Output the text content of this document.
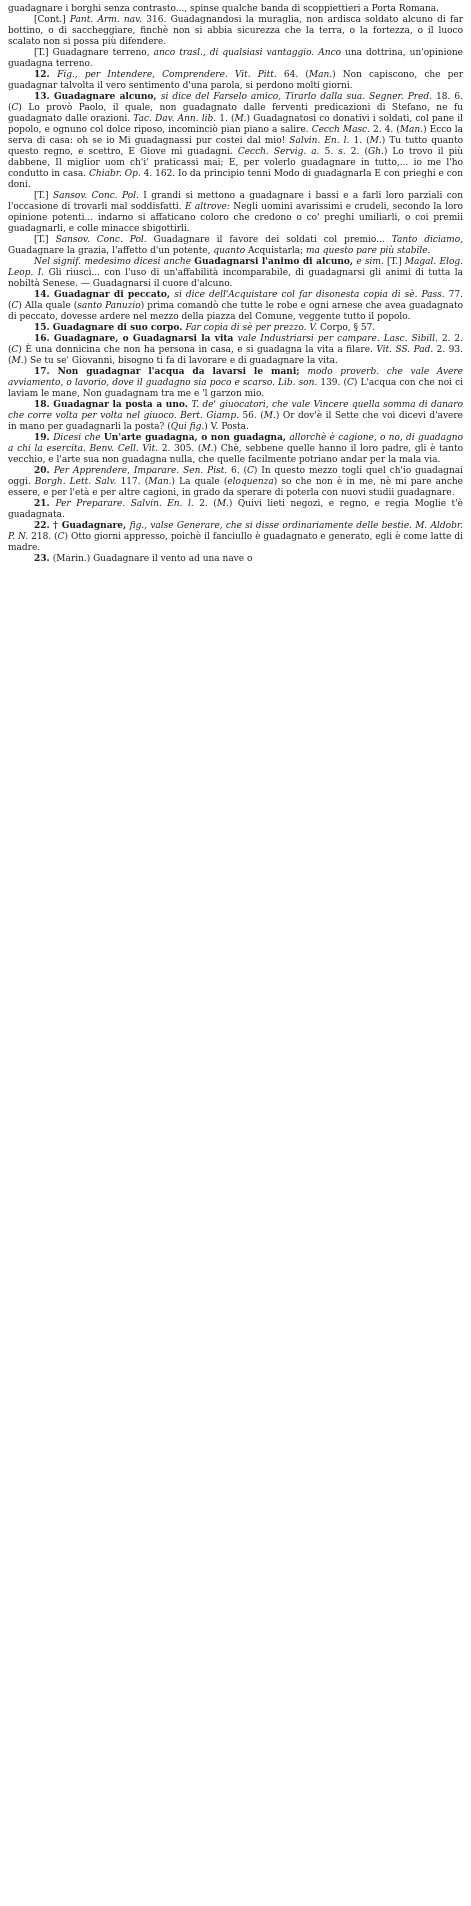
guadagnare i borghi senza contrasto..., spinse qualche banda di scoppiettieri a Porta Romana.

[Cont.] Pant. Arm. nav. 316. Guadagnandosi la muraglia, non ardisca soldato alcuno di far bottino, o di saccheggiare, finchè non si abbia sicurezza che la terra, o la fortezza, o il luoco scalato non si possa più difendere.

[T.] Guadagnare terreno, anco trasl., di qualsiasi vantaggio. Anco una dottrina, un'opinione guadagna terreno.

12. Fig., per Intendere, Comprendere. Vit. Pitt. 64. (Man.) Non capiscono, che per guadagnar talvolta il vero sentimento d'una parola, si perdono molti giorni.

13. Guadagnare alcuno, si dice del Farselo amico, Tirarlo dalla sua. Segner. Pred. 18. 6. (C) Lo provò Paolo, il quale, non guadagnato dalle ferventi predicazioni di Stefano, ne fu guadagnato dalle orazioni. Tac. Dav. Ann. lib. 1. (M.) Guadagnatosi co donativi i soldati, col pane il popolo, e ognuno col dolce riposo, incominciò pian piano a salire. Cecch Masc. 2. 4. (Man.) Ecco la serva di casa: oh se io Mi guadagnassi pur costei dal mio! Salvin. En. l. 1. (M.) Tu tutto quanto questo regno, e scettro, E Giove mi guadagni. Cecch. Servig. a. 5. s. 2. (Gh.) Lo trovo il più dabbene, Il miglior uom ch'i' praticassi mai; E, per volerlo guadagnare in tutto,... io me l'ho condutto in casa. Chiabr. Op. 4. 162. Io da principio tenni Modo di guadagnarla E con prieghi e con doni.

[T.] Sansov. Conc. Pol. I grandi si mettono a guadagnare i bassi e a farli loro parziali con l'occasione di trovarli mal soddisfatti. E altrove: Negli uomini avarissimi e crudeli, secondo la loro opinione potenti... indarno si affaticano coloro che credono o co' preghi umiliarli, o coi premii guadagnarli, e colle minacce sbigottirli.

[T.] Sansov. Conc. Pol. Guadagnare il favore dei soldati col premio... Tanto diciamo, Guadagnare la grazia, l'affetto d'un potente, quanto Acquistarla; ma questo pare più stabile.

Nel signif. medesimo dicesi anche Guadagnarsi l'animo di alcuno, e sim. [T.] Magal. Elog. Leop. I. Gli riuscì... con l'uso di un'affabilità incomparabile, di guadagnarsi gli animi di tutta la nobiltà Senese. — Guadagnarsi il cuore d'alcuno.

14. Guadagnar di peccato, si dice dell'Acquistare col far disonesta copia di sè. Pass. 77. (C) Alla quale (santo Panuzio) prima comandò che tutte le robe e ogni arnese che avea guadagnato di peccato, dovesse ardere nel mezzo della piazza del Comune, veggente tutto il popolo.

15. Guadagnare di suo corpo. Far copia di sè per prezzo. V. Corpo, § 57.

16. Guadagnare, o Guadagnarsi la vita vale Industriarsi per campare. Lasc. Sibill. 2. 2. (C) È una donnicina che non ha persona in casa, e si guadagna la vita a filare. Vit. SS. Pad. 2. 93. (M.) Se tu se' Giovanni, bisogno ti fa di lavorare e di guadagnare la vita.

17. Non guadagnar l'acqua da lavarsi le mani; modo proverb. che vale Avere avviamento, o lavorio, dove il guadagno sia poco e scarso. Lib. son. 139. (C) L'acqua con che noi ci laviam le mane, Non guadagnam tra me e 'l garzon mio.

18. Guadagnar la posta a uno. T. de' giuocatori, che vale Vincere quella somma di danaro che corre volta per volta nel giuoco. Bert. Giamp. 56. (M.) Or dov'è il Sette che voi dicevi d'avere in mano per guadagnarli la posta? (Qui fig.) V. Posta.

19. Dicesi che Un'arte guadagna, o non guadagna, allorchè è cagione, o no, di guadagno a chi la esercita. Benv. Cell. Vit. 2. 305. (M.) Chè, sebbene quelle hanno il loro padre, gli è tanto vecchio, e l'arte sua non guadagna nulla, che quelle facilmente potriano andar per la mala via.

20. Per Apprendere, Imparare. Sen. Pist. 6. (C) In questo mezzo togli quel ch'io guadagnai oggi. Borgh. Lett. Salv. 117. (Man.) La quale (eloquenza) so che non è in me, nè mi pare anche essere, e per l'età e per altre cagioni, in grado da sperare di poterla con nuovi studii guadagnare.

21. Per Preparare. Salvin. En. l. 2. (M.) Quivi lieti negozi, e regno, e regia Moglie t'è guadagnata.

22. † Guadagnare, fig., valse Generare, che si disse ordinariamente delle bestie. M. Aldobr. P. N. 218. (C) Otto giorni appresso, poichè il fanciullo è guadagnato e generato, egli è come latte di madre.

23. (Marin.) Guadagnare il vento ad una nave o
